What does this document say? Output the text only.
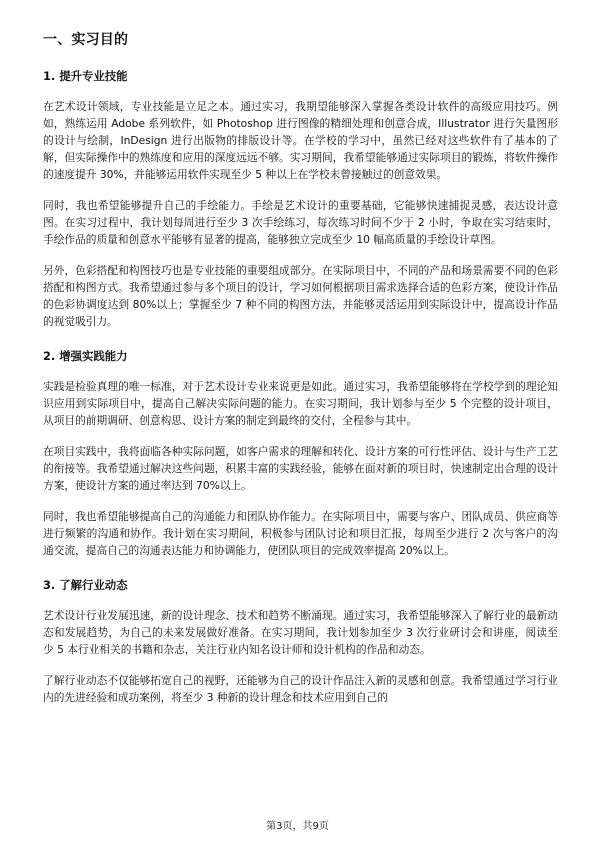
一、实习目的
1. 提升专业技能

在艺术设计领域，专业技能是立足之本。通过实习，我期望能够深入掌握各类设计软件的高级应用技巧。例如，熟练运用 Adobe 系列软件，如 Photoshop 进行图像的精细处理和创意合成，Illustrator 进行矢量图形的设计与绘制，InDesign 进行出版物的排版设计等。在学校的学习中，虽然已经对这些软件有了基本的了解，但实际操作中的熟练度和应用的深度远远不够。实习期间，我希望能够通过实际项目的锻炼，将软件操作的速度提升 30%，并能够运用软件实现至少 5 种以上在学校未曾接触过的创意效果。

同时，我也希望能够提升自己的手绘能力。手绘是艺术设计的重要基础，它能够快速捕捉灵感，表达设计意图。在实习过程中，我计划每周进行至少 3 次手绘练习，每次练习时间不少于 2 小时，争取在实习结束时，手绘作品的质量和创意水平能够有显著的提高，能够独立完成至少 10 幅高质量的手绘设计草图。

另外，色彩搭配和构图技巧也是专业技能的重要组成部分。在实际项目中，不同的产品和场景需要不同的色彩搭配和构图方式。我希望通过参与多个项目的设计，学习如何根据项目需求选择合适的色彩方案，使设计作品的色彩协调度达到 80%以上；掌握至少 7 种不同的构图方法，并能够灵活运用到实际设计中，提高设计作品的视觉吸引力。

2. 增强实践能力

实践是检验真理的唯一标准，对于艺术设计专业来说更是如此。通过实习，我希望能够将在学校学到的理论知识应用到实际项目中，提高自己解决实际问题的能力。在实习期间，我计划参与至少 5 个完整的设计项目，从项目的前期调研、创意构思、设计方案的制定到最终的交付，全程参与其中。

在项目实践中，我将面临各种实际问题，如客户需求的理解和转化、设计方案的可行性评估、设计与生产工艺的衔接等。我希望通过解决这些问题，积累丰富的实践经验，能够在面对新的项目时，快速制定出合理的设计方案，使设计方案的通过率达到 70%以上。

同时，我也希望能够提高自己的沟通能力和团队协作能力。在实际项目中，需要与客户、团队成员、供应商等进行频繁的沟通和协作。我计划在实习期间，积极参与团队讨论和项目汇报，每周至少进行 2 次与客户的沟通交流，提高自己的沟通表达能力和协调能力，使团队项目的完成效率提高 20%以上。

3. 了解行业动态

艺术设计行业发展迅速，新的设计理念、技术和趋势不断涌现。通过实习，我希望能够深入了解行业的最新动态和发展趋势，为自己的未来发展做好准备。在实习期间，我计划参加至少 3 次行业研讨会和讲座，阅读至少 5 本行业相关的书籍和杂志，关注行业内知名设计师和设计机构的作品和动态。

了解行业动态不仅能够拓宽自己的视野，还能够为自己的设计作品注入新的灵感和创意。我希望通过学习行业内的先进经验和成功案例，将至少 3 种新的设计理念和技术应用到自己的

第3页，共9页
